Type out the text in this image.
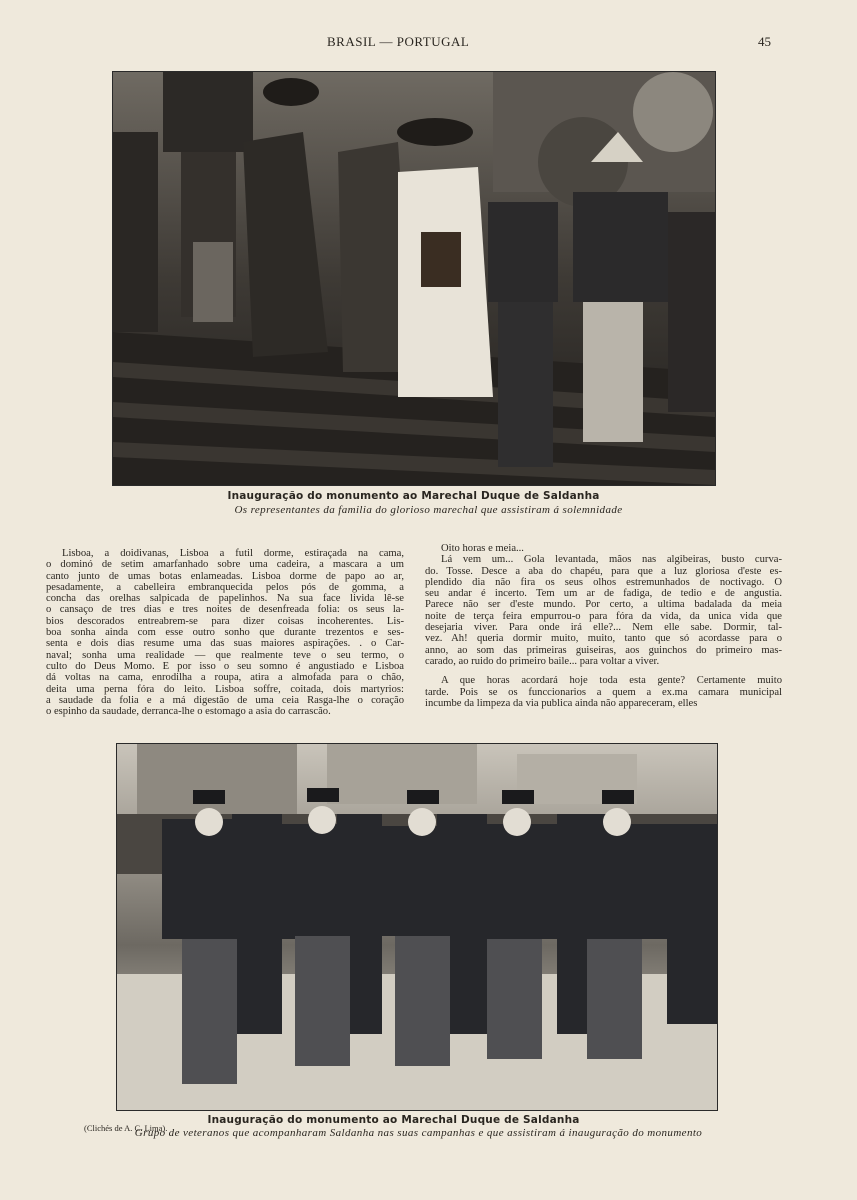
BRASIL — PORTUGAL	45
Inauguração do monumento ao Marechal Duque de Saldanha
Os representantes da familia do glorioso marechal que assistiram á solemnidade
Lisboa, a doidivanas, Lisboa a futil dorme, estiraçada na cama,
o dominó de setim amarfanhado sobre uma cadeira, a mascara a um
canto junto de umas botas enlameadas. Lisboa dorme de papo ao ar,
pesadamente, a cabelleira embranquecida pelos pós de gomma, a
concha das orelhas salpicada de papelinhos. Na sua face livida lê-se
o cansaço de tres dias e tres noites de desenfreada folia: os seus la-
bios descorados entreabrem-se para dizer coisas incoherentes. Lis-
boa sonha ainda com esse outro sonho que durante trezentos e ses-
senta e dois dias resume uma das suas maiores aspirações. . o Car-
naval; sonha uma realidade — que realmente teve o seu termo, o
culto do Deus Momo. E por isso o seu somno é angustiado e Lisboa
dá voltas na cama, enrodilha a roupa, atira a almofada para o chão,
deita uma perna fóra do leito. Lisboa soffre, coitada, dois martyrios:
a saudade da folia e a má digestão de uma ceia Rasga-lhe o coração
o espinho da saudade, derranca-lhe o estomago a asia do carrascão.
Oito horas e meia...
Lá vem um... Gola levantada, mãos nas algibeiras, busto curva-
do. Tosse. Desce a aba do chapéu, para que a luz gloriosa d'este es-
plendido dia não fira os seus olhos estremunhados de noctivago. O
seu andar é incerto. Tem um ar de fadiga, de tedio e de angustia.
Parece não ser d'este mundo. Por certo, a ultima badalada da meia
noite de terça feira empurrou-o para fóra da vida, da unica vida que
desejaria viver. Para onde irá elle?... Nem elle sabe. Dormir, tal-
vez. Ah! queria dormir muito, muito, tanto que só acordasse para o
anno, ao som das primeiras guiseiras, aos guinchos do primeiro mas-
carado, ao ruido do primeiro baile... para voltar a viver.
A que horas acordará hoje toda esta gente? Certamente muito
tarde. Pois se os funccionarios a quem a ex.ma camara municipal
incumbe da limpeza da via publica ainda não appareceram, elles
(Clichés de A. C. Lima).
Inauguração do monumento ao Marechal Duque de Saldanha
Grupo de veteranos que acompanharam Saldanha nas suas campanhas e que assistiram á inauguração do monumento
